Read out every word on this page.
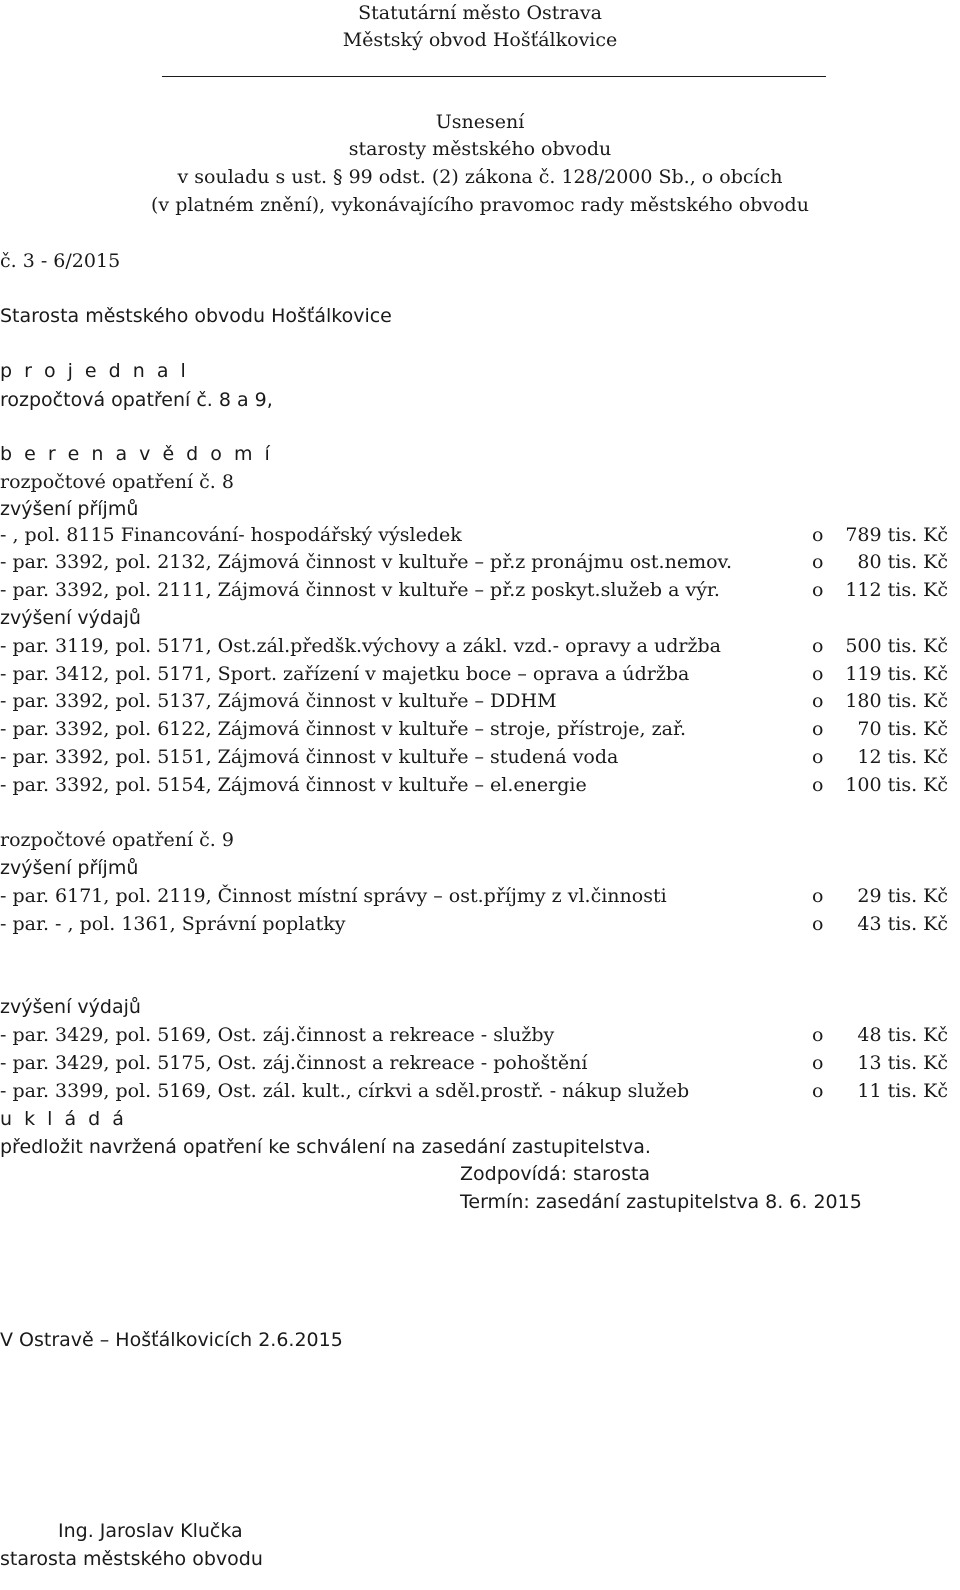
Statutární město Ostrava
Městský obvod Hošťálkovice
Usnesení
starosty městského obvodu
v souladu s ust. § 99 odst. (2) zákona č. 128/2000 Sb., o obcích
(v platném znění), vykonávajícího pravomoc rady městského obvodu
č. 3 - 6/2015
Starosta městského obvodu Hošťálkovice
p r o j e d n a l
rozpočtová opatření č. 8 a 9,
b e r e n a v ě d o m í
rozpočtové opatření č. 8
zvýšení příjmů
- , pol. 8115 Financování- hospodářský výsledek	o	789 tis. Kč
- par. 3392, pol. 2132, Zájmová činnost v kultuře – př.z pronájmu ost.nemov.	o	80 tis. Kč
- par. 3392, pol. 2111, Zájmová činnost v kultuře – př.z poskyt.služeb a výr.	o	112 tis. Kč
zvýšení výdajů
- par. 3119, pol. 5171, Ost.zál.předšk.výchovy a zákl. vzd.- opravy a udržba	o	500 tis. Kč
- par. 3412, pol. 5171, Sport. zařízení v majetku boce – oprava a údržba	o	119 tis. Kč
- par. 3392, pol. 5137, Zájmová činnost v kultuře – DDHM	o	180 tis. Kč
- par. 3392, pol. 6122, Zájmová činnost v kultuře – stroje, přístroje, zař.	o	70 tis. Kč
- par. 3392, pol. 5151, Zájmová činnost v kultuře – studená voda	o	12 tis. Kč
- par. 3392, pol. 5154, Zájmová činnost v kultuře – el.energie	o	100 tis. Kč
rozpočtové opatření č. 9
zvýšení příjmů
- par. 6171, pol. 2119, Činnost místní správy – ost.příjmy z vl.činnosti	o	29 tis. Kč
- par. - , pol. 1361, Správní poplatky	o	43 tis. Kč
zvýšení výdajů
- par. 3429, pol. 5169, Ost. záj.činnost a rekreace - služby	o	48 tis. Kč
- par. 3429, pol. 5175, Ost. záj.činnost a rekreace - pohoštění	o	13 tis. Kč
- par. 3399, pol. 5169, Ost. zál. kult., církvi a sděl.prostř. - nákup služeb	o	11 tis. Kč
u k l á d á
předložit navržená opatření ke schválení na zasedání zastupitelstva.
Zodpovídá: starosta
Termín: zasedání zastupitelstva 8. 6. 2015
V Ostravě – Hošťálkovicích 2.6.2015
Ing. Jaroslav Klučka
starosta městského obvodu
